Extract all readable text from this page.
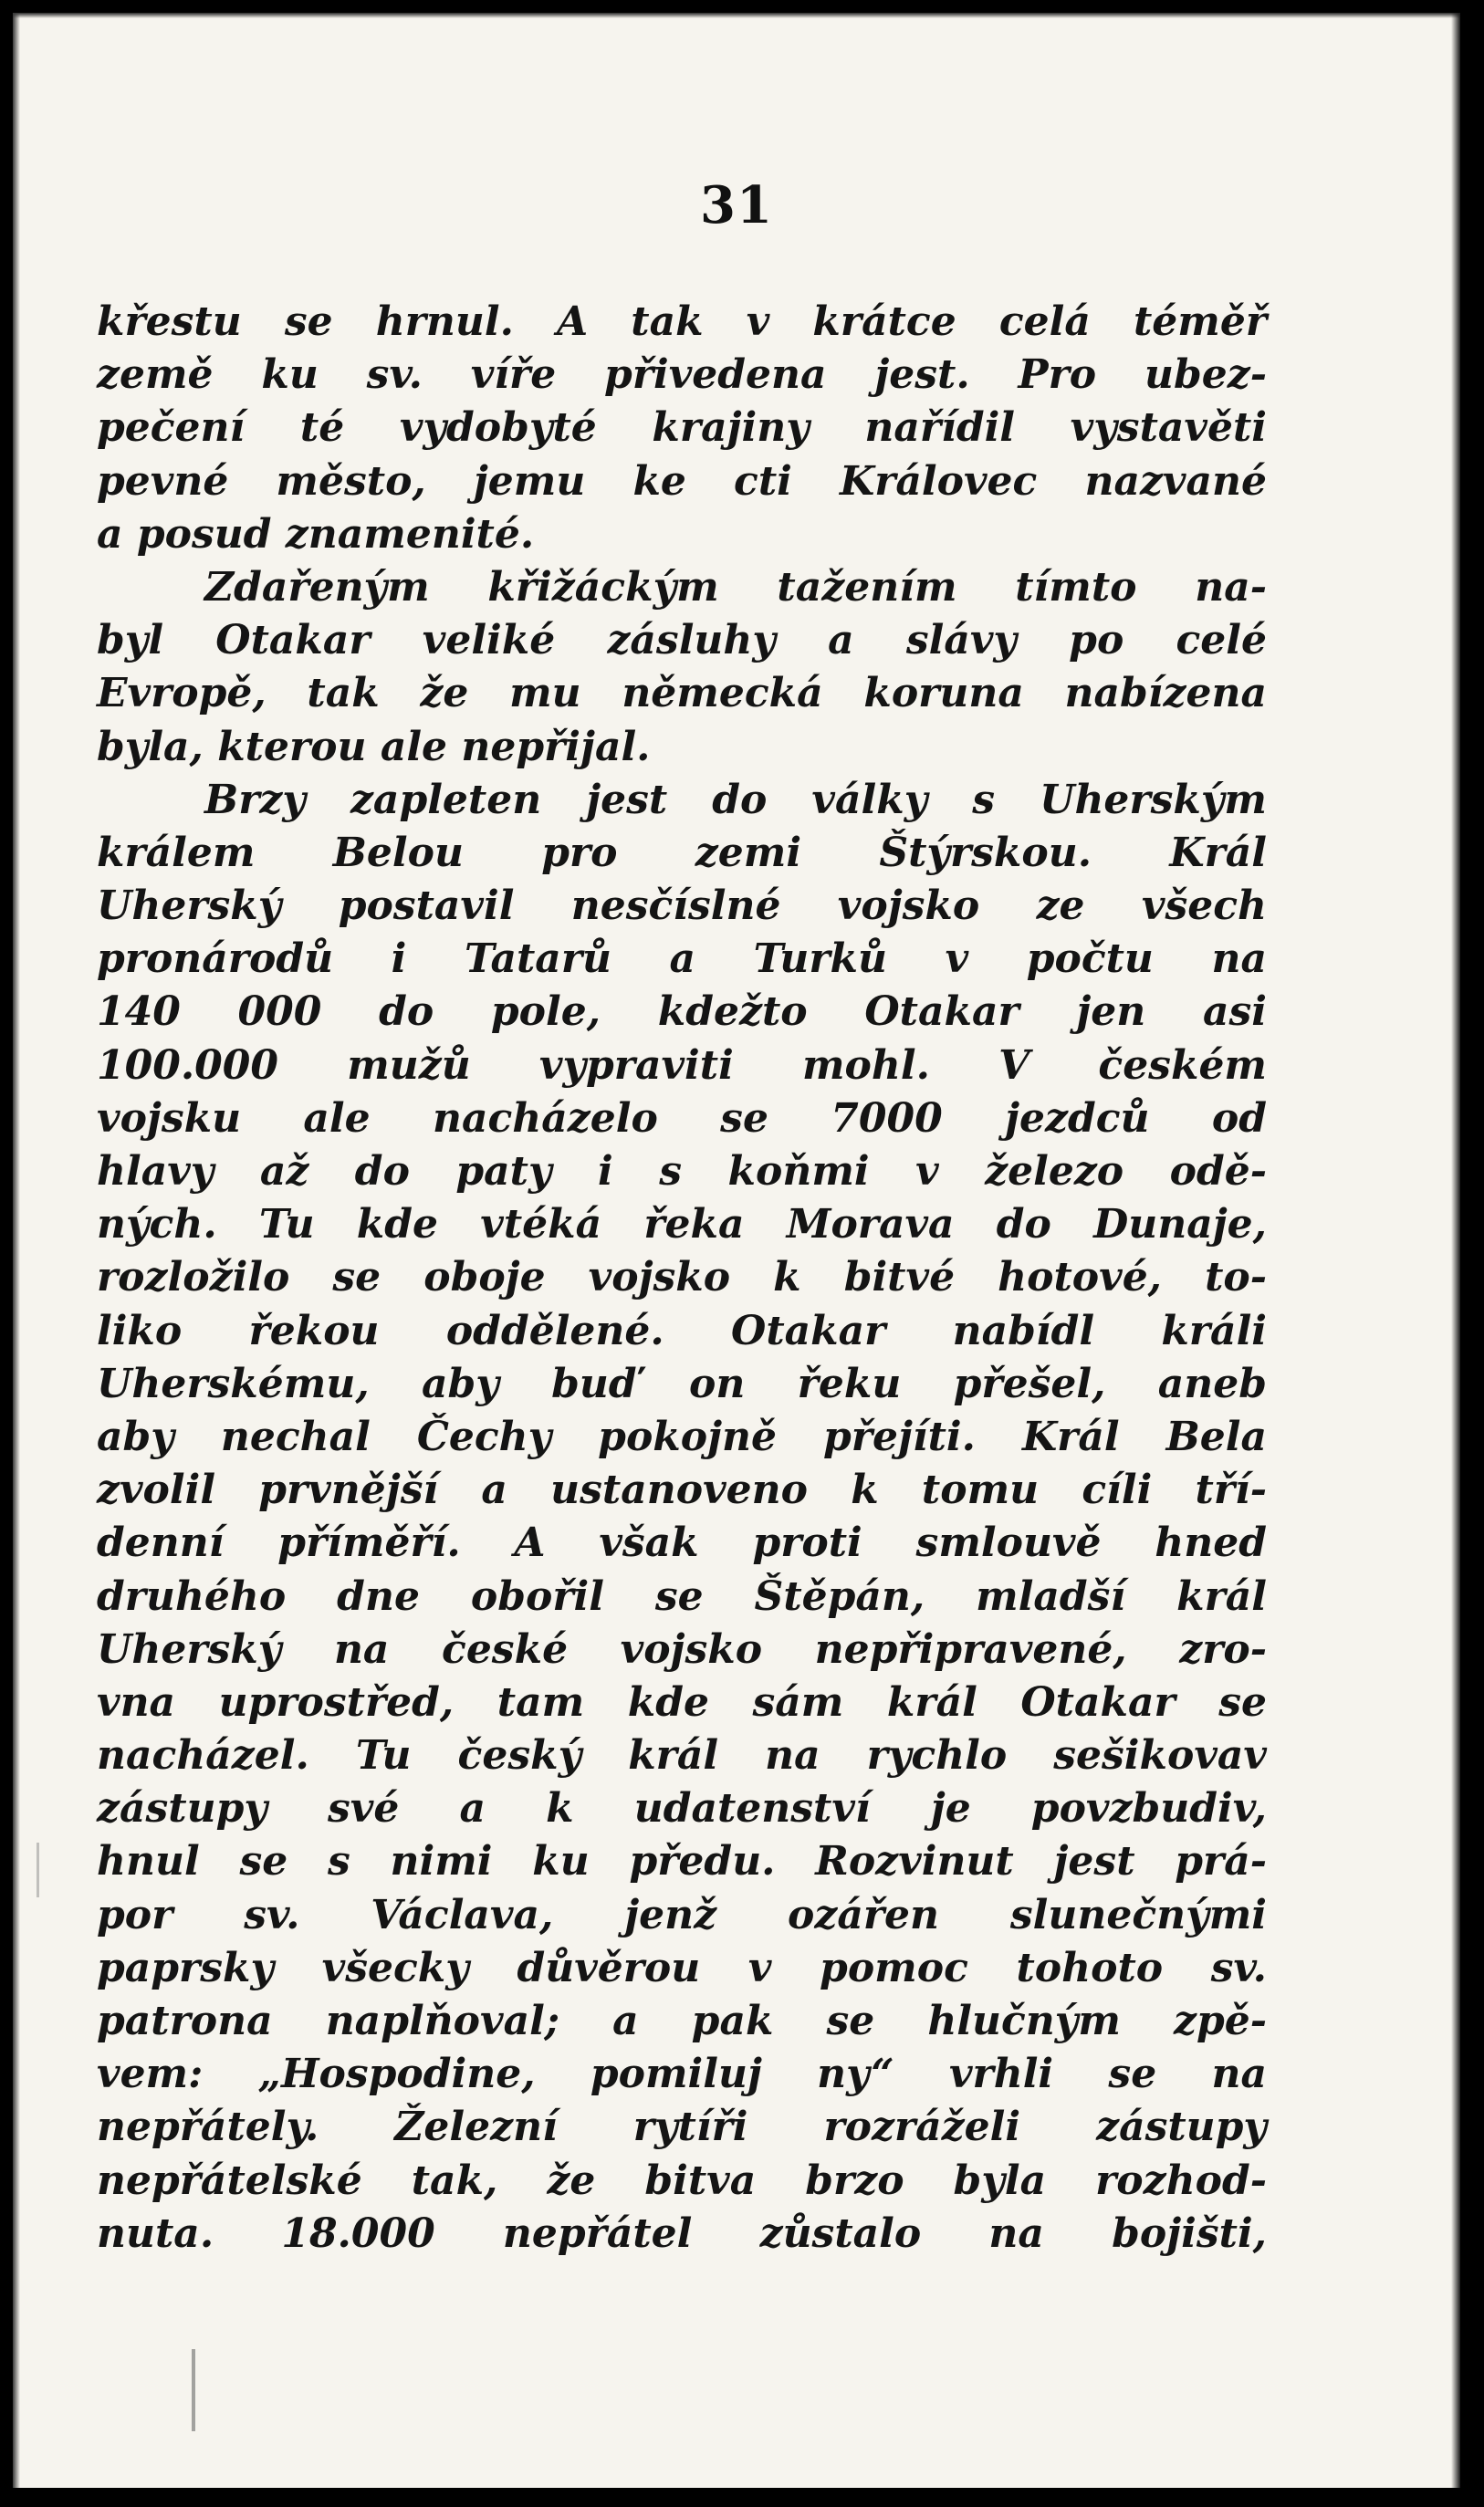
31
křestu se hrnul. A tak v krátce celá téměř
země ku sv. víře přivedena jest. Pro ubez-
pečení té vydobyté krajiny nařídil vystavěti
pevné město, jemu ke cti Královec nazvané
a posud znamenité.
Zdařeným křižáckým tažením tímto na-
byl Otakar veliké zásluhy a slávy po celé
Evropě, tak že mu německá koruna nabízena
byla, kterou ale nepřijal.
Brzy zapleten jest do války s Uherským
králem Belou pro zemi Štýrskou. Král
Uherský postavil nesčíslné vojsko ze všech
pronárodů i Tatarů a Turků v počtu na
140 000 do pole, kdežto Otakar jen asi
100.000 mužů vypraviti mohl. V českém
vojsku ale nacházelo se 7000 jezdců od
hlavy až do paty i s koňmi v železo odě-
ných. Tu kde vtéká řeka Morava do Dunaje,
rozložilo se oboje vojsko k bitvé hotové, to-
liko řekou oddělené. Otakar nabídl králi
Uherskému, aby buď on řeku přešel, aneb
aby nechal Čechy pokojně přejíti. Král Bela
zvolil prvnější a ustanoveno k tomu cíli tří-
denní příměří. A však proti smlouvě hned
druhého dne obořil se Štěpán, mladší král
Uherský na české vojsko nepřipravené, zro-
vna uprostřed, tam kde sám král Otakar se
nacházel. Tu český král na rychlo sešikovav
zástupy své a k udatenství je povzbudiv,
hnul se s nimi ku předu. Rozvinut jest prá-
por sv. Václava, jenž ozářen slunečnými
paprsky všecky důvěrou v pomoc tohoto sv.
patrona naplňoval; a pak se hlučným zpě-
vem: „Hospodine, pomiluj ny“ vrhli se na
nepřátely. Železní rytíři rozráželi zástupy
nepřátelské tak, že bitva brzo byla rozhod-
nuta. 18.000 nepřátel zůstalo na bojišti,
